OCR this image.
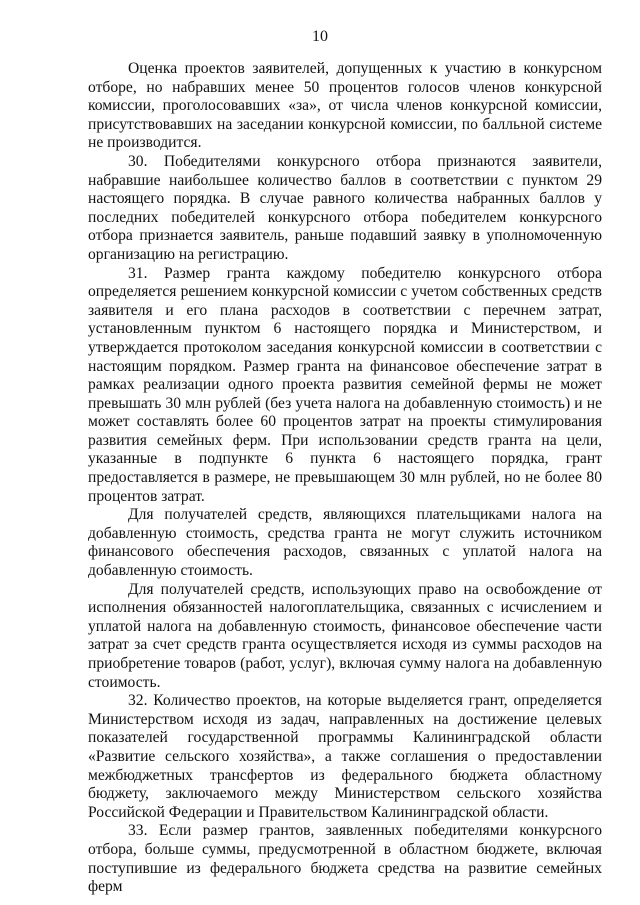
10

Оценка проектов заявителей, допущенных к участию в конкурсном отборе, но набравших менее 50 процентов голосов членов конкурсной комиссии, проголосовавших «за», от числа членов конкурсной комиссии, присутствовавших на заседании конкурсной комиссии, по балльной системе не производится.

30. Победителями конкурсного отбора признаются заявители, набравшие наибольшее количество баллов в соответствии с пунктом 29 настоящего порядка. В случае равного количества набранных баллов у последних победителей конкурсного отбора победителем конкурсного отбора признается заявитель, раньше подавший заявку в уполномоченную организацию на регистрацию.

31. Размер гранта каждому победителю конкурсного отбора определяется решением конкурсной комиссии с учетом собственных средств заявителя и его плана расходов в соответствии с перечнем затрат, установленным пунктом 6 настоящего порядка и Министерством, и утверждается протоколом заседания конкурсной комиссии в соответствии с настоящим порядком. Размер гранта на финансовое обеспечение затрат в рамках реализации одного проекта развития семейной фермы не может превышать 30 млн рублей (без учета налога на добавленную стоимость) и не может составлять более 60 процентов затрат на проекты стимулирования развития семейных ферм. При использовании средств гранта на цели, указанные в подпункте 6 пункта 6 настоящего порядка, грант предоставляется в размере, не превышающем 30 млн рублей, но не более 80 процентов затрат.

Для получателей средств, являющихся плательщиками налога на добавленную стоимость, средства гранта не могут служить источником финансового обеспечения расходов, связанных с уплатой налога на добавленную стоимость.

Для получателей средств, использующих право на освобождение от исполнения обязанностей налогоплательщика, связанных с исчислением и уплатой налога на добавленную стоимость, финансовое обеспечение части затрат за счет средств гранта осуществляется исходя из суммы расходов на приобретение товаров (работ, услуг), включая сумму налога на добавленную стоимость.

32. Количество проектов, на которые выделяется грант, определяется Министерством исходя из задач, направленных на достижение целевых показателей государственной программы Калининградской области «Развитие сельского хозяйства», а также соглашения о предоставлении межбюджетных трансфертов из федерального бюджета областному бюджету, заключаемого между Министерством сельского хозяйства Российской Федерации и Правительством Калининградской области.

33. Если размер грантов, заявленных победителями конкурсного отбора, больше суммы, предусмотренной в областном бюджете, включая поступившие из федерального бюджета средства на развитие семейных ферм
